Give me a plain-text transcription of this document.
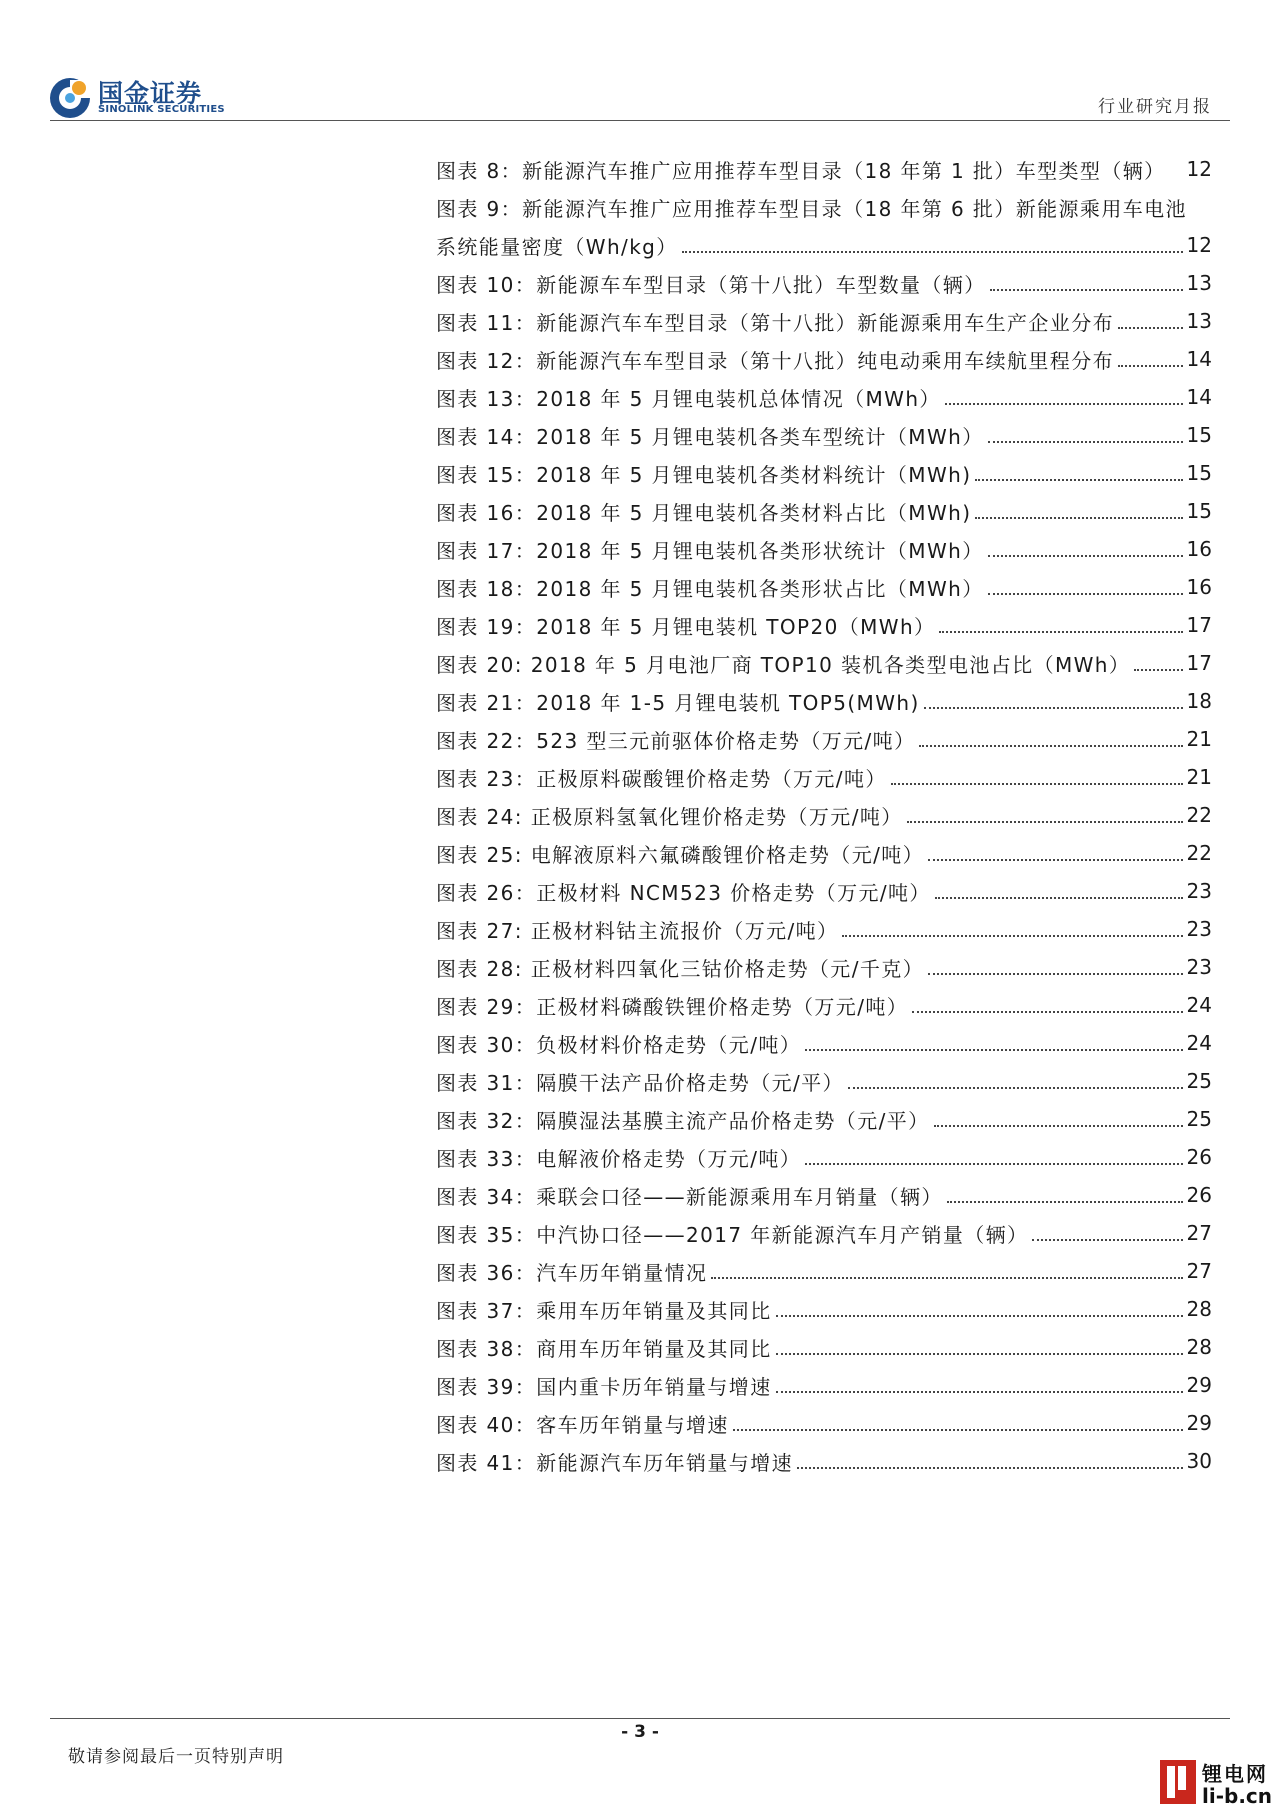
国金证券
SINOLINK SECURITIES	行业研究月报
图表 8：新能源汽车推广应用推荐车型目录（18 年第 1 批）车型类型（辆）	12
图表 9：新能源汽车推广应用推荐车型目录（18 年第 6 批）新能源乘用车电池
系统能量密度（Wh/kg）	12
图表 10：新能源车车型目录（第十八批）车型数量（辆）	13
图表 11：新能源汽车车型目录（第十八批）新能源乘用车生产企业分布	13
图表 12：新能源汽车车型目录（第十八批）纯电动乘用车续航里程分布	14
图表 13：2018 年 5 月锂电装机总体情况（MWh）	14
图表 14：2018 年 5 月锂电装机各类车型统计（MWh）	15
图表 15：2018 年 5 月锂电装机各类材料统计（MWh)	15
图表 16：2018 年 5 月锂电装机各类材料占比（MWh)	15
图表 17：2018 年 5 月锂电装机各类形状统计（MWh）	16
图表 18：2018 年 5 月锂电装机各类形状占比（MWh）	16
图表 19：2018 年 5 月锂电装机 TOP20（MWh）	17
图表 20: 2018 年 5 月电池厂商 TOP10 装机各类型电池占比（MWh）	17
图表 21：2018 年 1-5 月锂电装机 TOP5(MWh)	18
图表 22：523 型三元前驱体价格走势（万元/吨）	21
图表 23：正极原料碳酸锂价格走势（万元/吨）	21
图表 24: 正极原料氢氧化锂价格走势（万元/吨）	22
图表 25: 电解液原料六氟磷酸锂价格走势（元/吨）	22
图表 26：正极材料 NCM523 价格走势（万元/吨）	23
图表 27: 正极材料钴主流报价（万元/吨）	23
图表 28: 正极材料四氧化三钴价格走势（元/千克）	23
图表 29：正极材料磷酸铁锂价格走势（万元/吨）	24
图表 30：负极材料价格走势（元/吨）	24
图表 31：隔膜干法产品价格走势（元/平）	25
图表 32：隔膜湿法基膜主流产品价格走势（元/平）	25
图表 33：电解液价格走势（万元/吨）	26
图表 34：乘联会口径——新能源乘用车月销量（辆）	26
图表 35：中汽协口径——2017 年新能源汽车月产销量（辆）	27
图表 36：汽车历年销量情况	27
图表 37：乘用车历年销量及其同比	28
图表 38：商用车历年销量及其同比	28
图表 39：国内重卡历年销量与增速	29
图表 40：客车历年销量与增速	29
图表 41：新能源汽车历年销量与增速	30
- 3 -
敬请参阅最后一页特别声明
锂电网
li-b.cn
